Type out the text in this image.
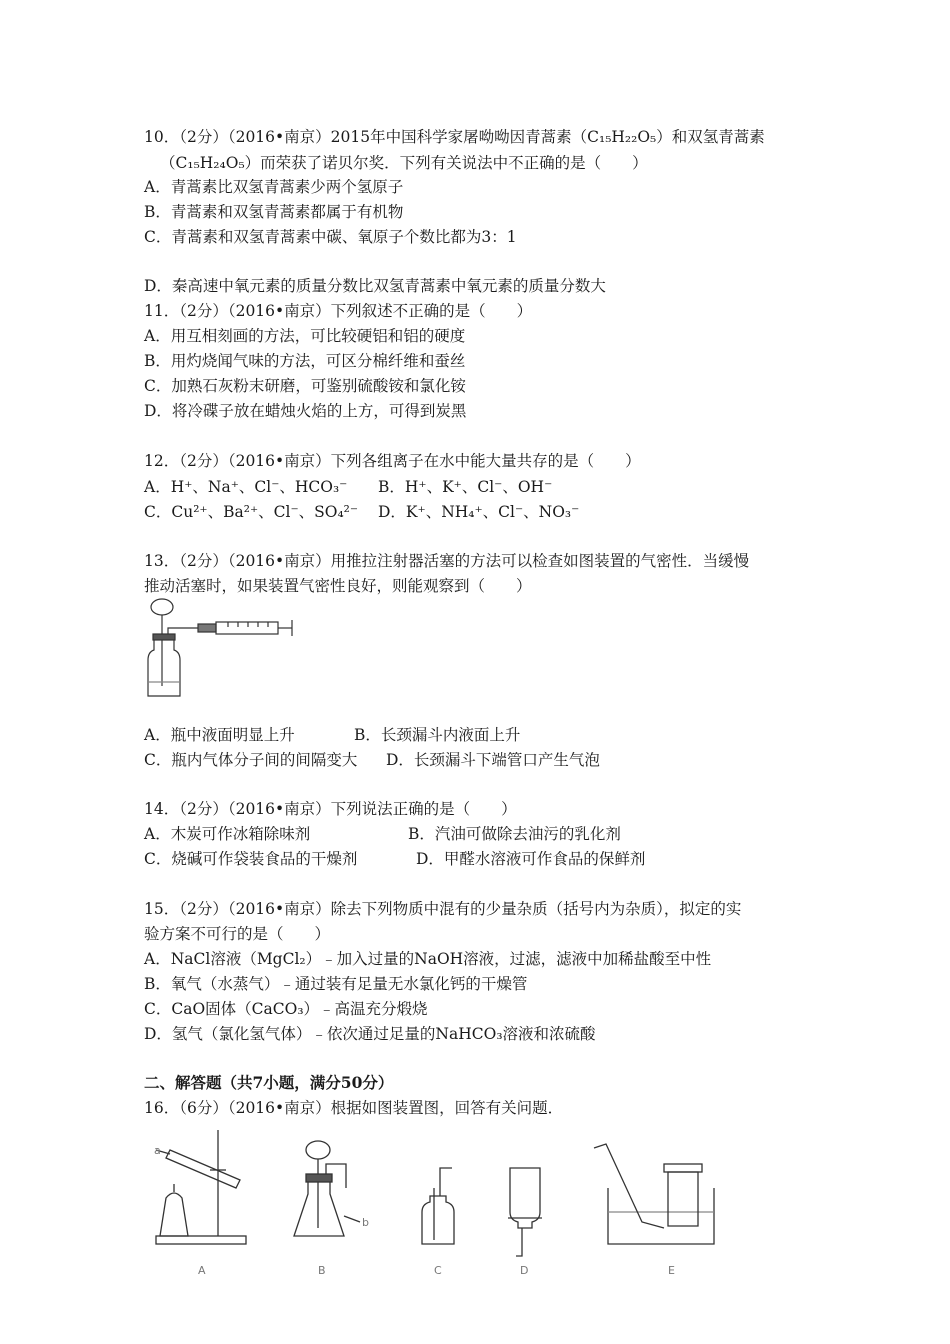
10．（2分）（2016•南京）2015年中国科学家屠呦呦因青蒿素（C₁₅H₂₂O₅）和双氢青蒿素
（C₁₅H₂₄O₅）而荣获了诺贝尔奖．下列有关说法中不正确的是（　　）
A．青蒿素比双氢青蒿素少两个氢原子
B．青蒿素和双氢青蒿素都属于有机物
C．青蒿素和双氢青蒿素中碳、氧原子个数比都为3：1
D．秦高速中氧元素的质量分数比双氢青蒿素中氧元素的质量分数大
11．（2分）（2016•南京）下列叙述不正确的是（　　）
A．用互相刻画的方法，可比较硬铝和铝的硬度
B．用灼烧闻气味的方法，可区分棉纤维和蚕丝
C．加熟石灰粉末研磨，可鉴别硫酸铵和氯化铵
D．将冷碟子放在蜡烛火焰的上方，可得到炭黑
12．（2分）（2016•南京）下列各组离子在水中能大量共存的是（　　）
A．H⁺、Na⁺、Cl⁻、HCO₃⁻ B．H⁺、K⁺、Cl⁻、OH⁻
C．Cu²⁺、Ba²⁺、Cl⁻、SO₄²⁻ D．K⁺、NH₄⁺、Cl⁻、NO₃⁻
13．（2分）（2016•南京）用推拉注射器活塞的方法可以检查如图装置的气密性．当缓慢
推动活塞时，如果装置气密性良好，则能观察到（　　）
A．瓶中液面明显上升	B．长颈漏斗内液面上升
C．瓶内气体分子间的间隔变大 D．长颈漏斗下端管口产生气泡
14．（2分）（2016•南京）下列说法正确的是（　　）
A．木炭可作冰箱除味剂	B．汽油可做除去油污的乳化剂
C．烧碱可作袋装食品的干燥剂	D．甲醛水溶液可作食品的保鲜剂
15．（2分）（2016•南京）除去下列物质中混有的少量杂质（括号内为杂质），拟定的实
验方案不可行的是（　　）
A．NaCl溶液（MgCl₂）﹣加入过量的NaOH溶液，过滤，滤液中加稀盐酸至中性
B．氧气（水蒸气）﹣通过装有足量无水氯化钙的干燥管
C．CaO固体（CaCO₃）﹣高温充分煅烧
D．氢气（氯化氢气体）﹣依次通过足量的NaHCO₃溶液和浓硫酸
二、解答题（共7小题，满分50分）
16．（6分）（2016•南京）根据如图装置图，回答有关问题．
a
b
A	B	C	D	E
